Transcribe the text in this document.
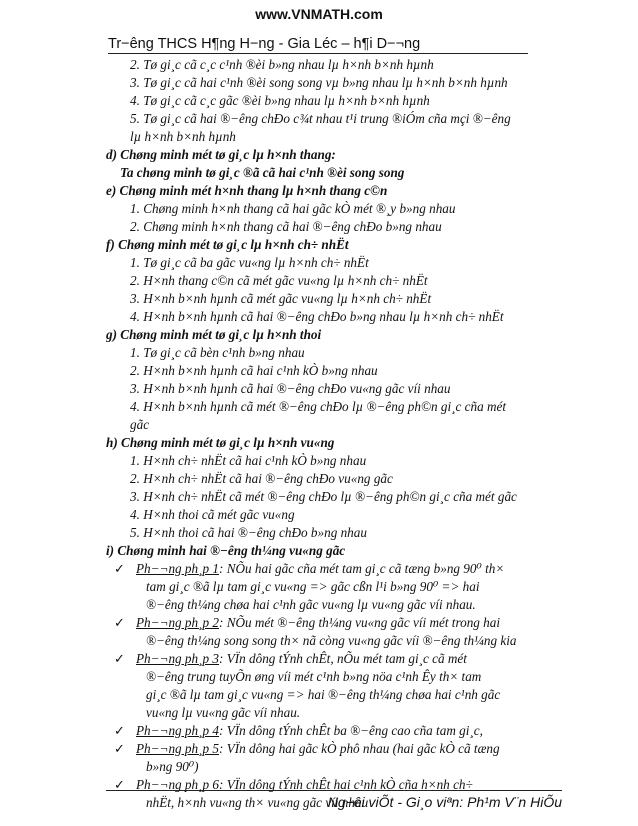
www.VNMATH.com
Tr−êng THCS H¶ng H−ng - Gia Léc – h¶i D−¬ng
2. Tø gi¸c cã c¸c c¹nh ®èi b»ng nhau lµ h×nh b×nh hµnh
3. Tø gi¸c cã hai c¹nh ®èi song song vµ b»ng nhau lµ h×nh b×nh hµnh
4. Tø gi¸c cã c¸c gãc ®èi b»ng nhau lµ h×nh b×nh hµnh
5. Tø gi¸c cã hai ®−êng chÐo c¾t nhau t¹i trung ®iÓm cña mçi ®−êng
lµ h×nh b×nh hµnh
d) Chøng minh mét tø gi¸c lµ h×nh thang:
Ta chøng minh tø gi¸c ®ã cã hai c¹nh ®èi song song
e) Chøng minh mét h×nh thang lµ h×nh thang c©n
1. Chøng minh h×nh thang cã hai gãc kÒ mét ®¸y b»ng nhau
2. Chøng minh h×nh thang cã hai ®−êng chÐo b»ng nhau
f) Chøng minh mét tø gi¸c lµ h×nh ch÷ nhËt
1. Tø gi¸c cã ba gãc vu«ng lµ h×nh ch÷ nhËt
2. H×nh thang c©n cã mét gãc vu«ng lµ h×nh ch÷ nhËt
3. H×nh b×nh hµnh cã mét gãc vu«ng lµ h×nh ch÷ nhËt
4. H×nh b×nh hµnh cã hai ®−êng chÐo b»ng nhau lµ h×nh ch÷ nhËt
g) Chøng minh mét tø gi¸c lµ h×nh thoi
1. Tø gi¸c cã bèn c¹nh b»ng nhau
2. H×nh b×nh hµnh cã hai c¹nh kÒ b»ng nhau
3. H×nh b×nh hµnh cã hai ®−êng chÐo vu«ng gãc víi nhau
4. H×nh b×nh hµnh cã mét ®−êng chÐo lµ ®−êng ph©n gi¸c cña mét
gãc
h) Chøng minh mét tø gi¸c lµ h×nh vu«ng
1. H×nh ch÷ nhËt cã hai c¹nh kÒ b»ng nhau
2. H×nh ch÷ nhËt cã hai ®−êng chÐo vu«ng gãc
3. H×nh ch÷ nhËt cã mét ®−êng chÐo lµ ®−êng ph©n gi¸c cña mét gãc
4. H×nh thoi cã mét gãc vu«ng
5. H×nh thoi cã hai ®−êng chÐo b»ng nhau
i) Chøng minh hai ®−êng th¼ng vu«ng gãc
✓ Ph−¬ng ph¸p 1: NÕu hai gãc cña mét tam gi¸c cã tæng b»ng 90⁰ th×
tam gi¸c ®ã lµ tam gi¸c vu«ng => gãc cßn l¹i b»ng 90⁰ => hai
®−êng th¼ng chøa hai c¹nh gãc vu«ng lµ vu«ng gãc víi nhau.
✓ Ph−¬ng ph¸p 2: NÕu mét ®−êng th¼ng vu«ng gãc víi mét trong hai
®−êng th¼ng song song th× nã còng vu«ng gãc víi ®−êng th¼ng kia
✓ Ph−¬ng ph¸p 3: VÏn dông tÝnh chÊt, nÕu mét tam gi¸c cã mét
®−êng trung tuyÕn øng víi mét c¹nh b»ng nöa c¹nh Êy th× tam
gi¸c ®ã lµ tam gi¸c vu«ng => hai ®−êng th¼ng chøa hai c¹nh gãc
vu«ng lµ vu«ng gãc víi nhau.
✓ Ph−¬ng ph¸p 4: VÏn dông tÝnh chÊt ba ®−êng cao cña tam gi¸c,
✓ Ph−¬ng ph¸p 5: VÏn dông hai gãc kÒ phô nhau (hai gãc kÒ cã tæng
b»ng 90⁰)
✓ Ph−¬ng ph¸p 6: VÏn dông tÝnh chÊt hai c¹nh kÒ cña h×nh ch÷
nhËt, h×nh vu«ng th× vu«ng gãc víi nhau
Ng−êi viÕt - Gi¸o viªn: Ph¹m V¨n HiÕu
